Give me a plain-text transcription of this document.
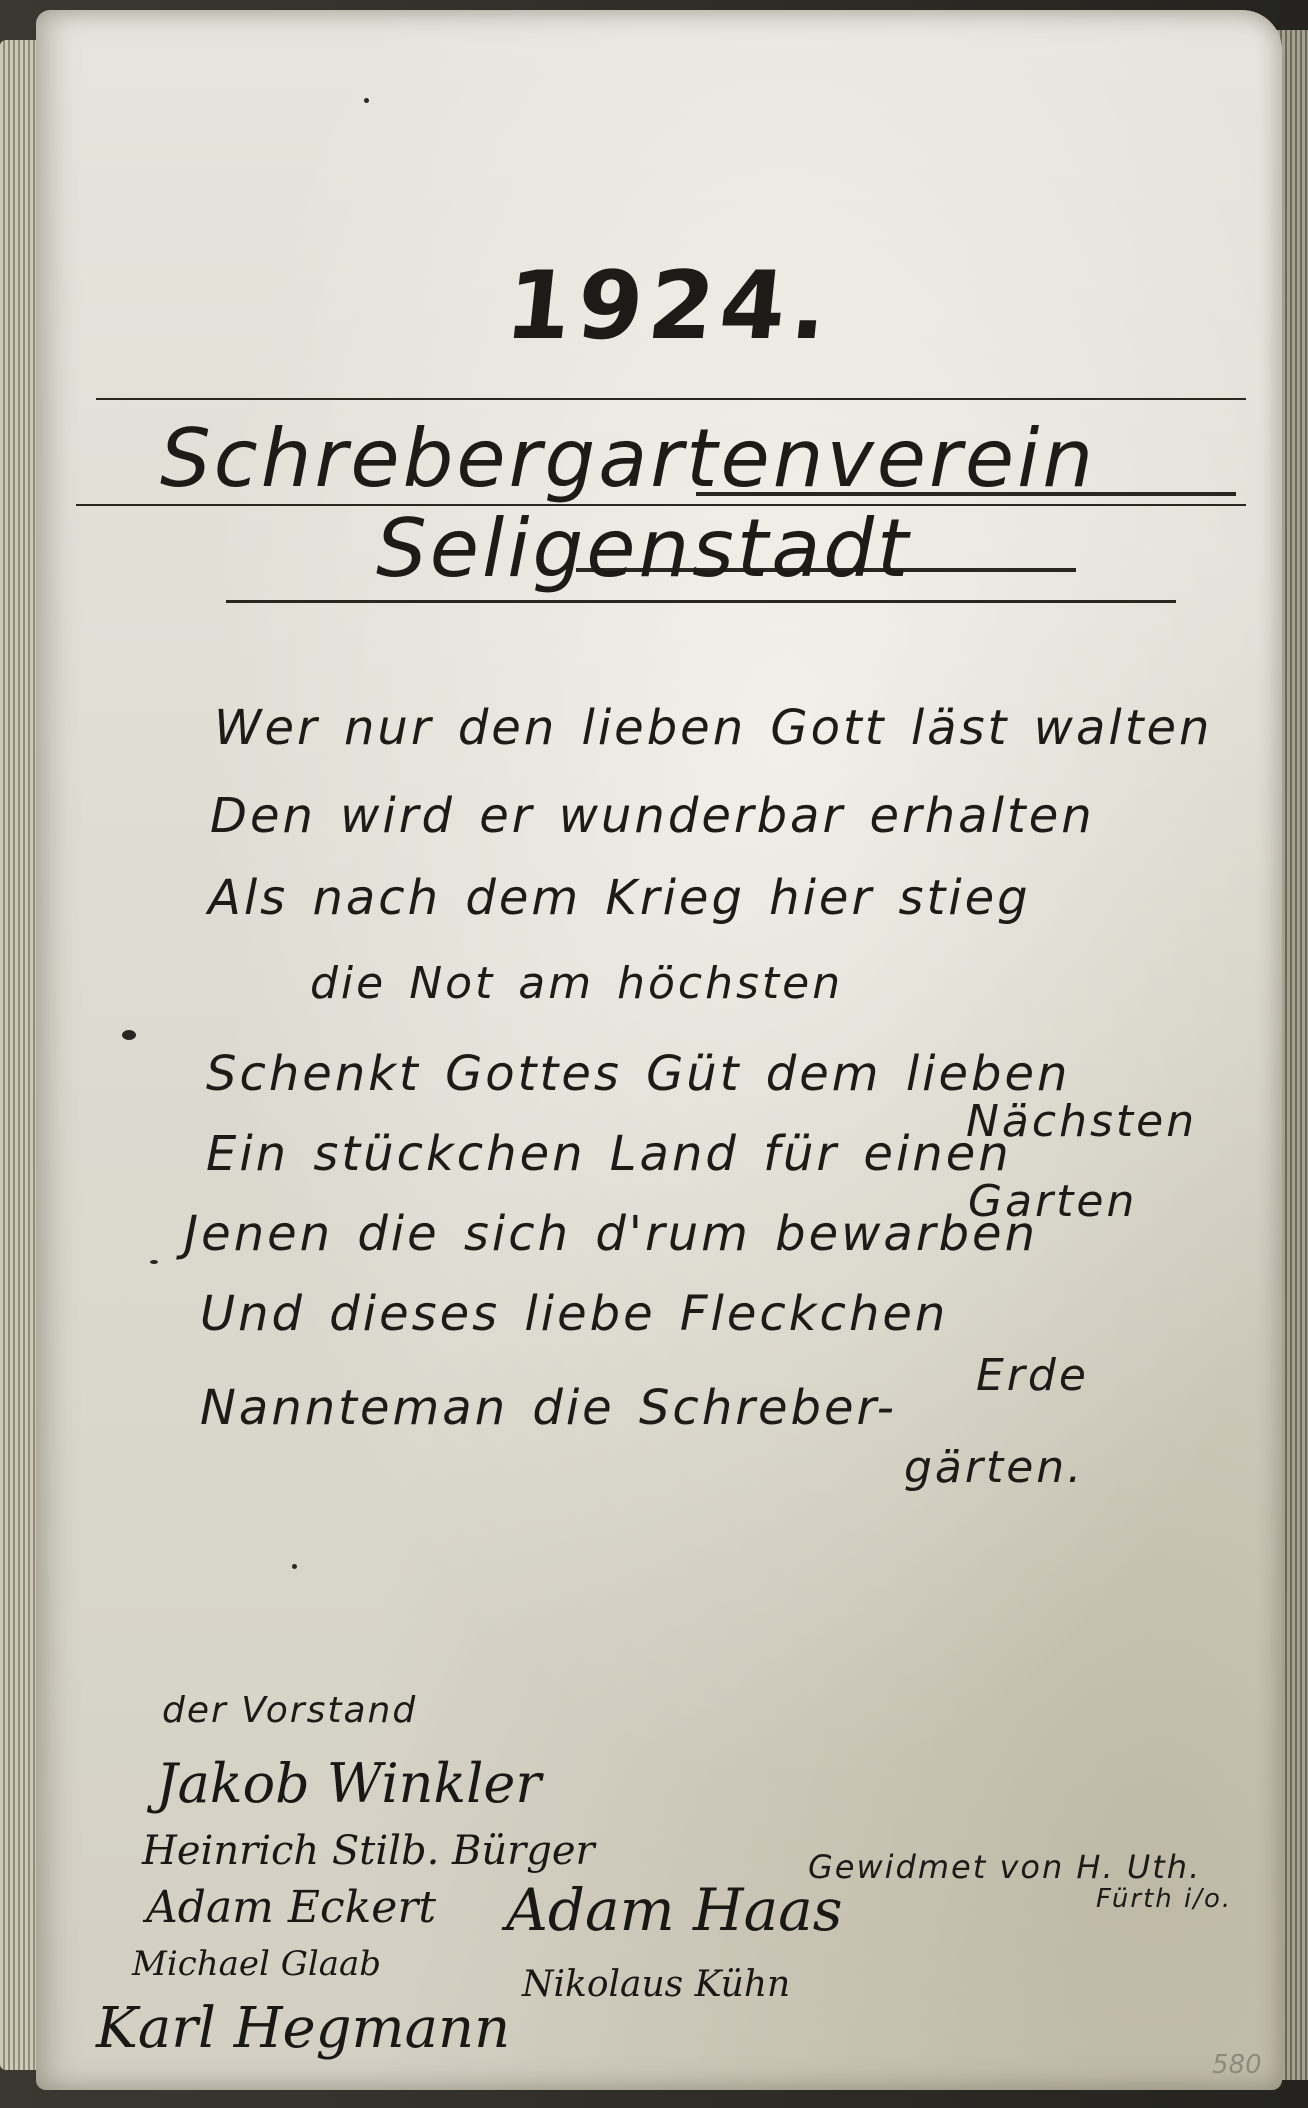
1924.

Schrebergartenverein

Seligenstadt

Wer nur den lieben Gott läst walten

Den wird er wunderbar erhalten

Als nach dem Krieg hier stieg

die Not am höchsten

Schenkt Gottes Güt dem lieben

Nächsten

Ein stückchen Land für einen

Garten

Jenen die sich d'rum bewarben

Und dieses liebe Fleckchen

Erde

Nannteman die Schreber-

gärten.

der Vorstand

Jakob Winkler

Heinrich Stilb. Bürger

Adam Eckert Adam Haas

Michael Glaab	Nikolaus Kühn

Karl Hegmann

Gewidmet von H. Uth.

Fürth i/o.

580
